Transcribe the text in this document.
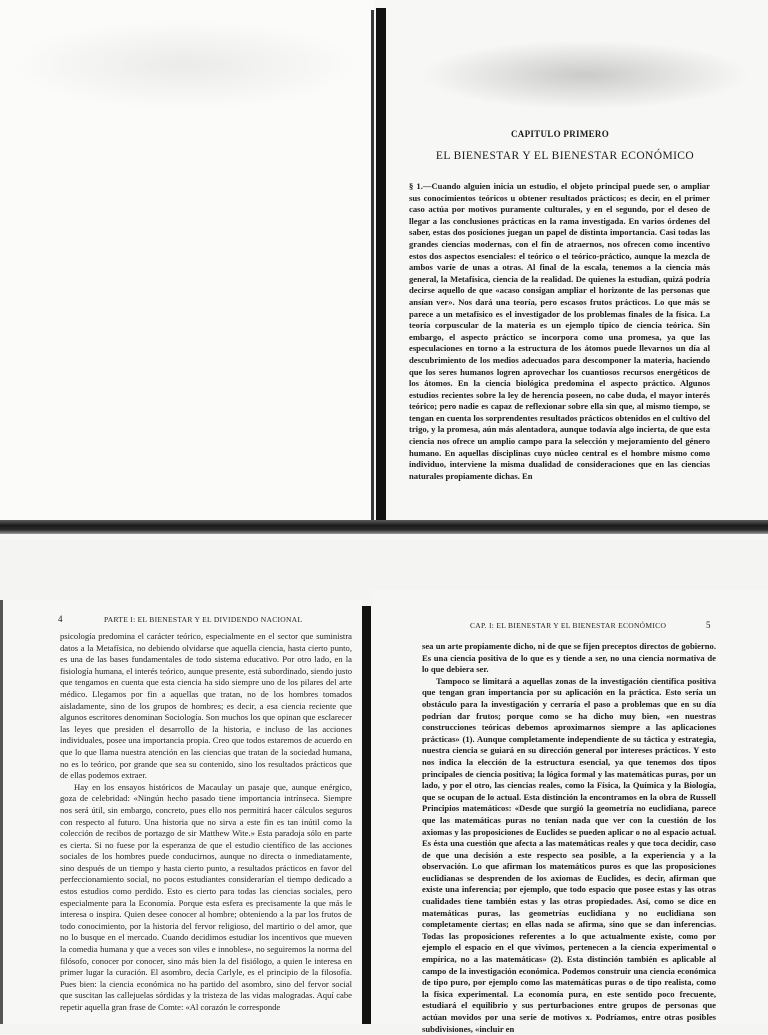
CAPITULO PRIMERO
EL BIENESTAR Y EL BIENESTAR ECONÓMICO

§ 1.—Cuando alguien inicia un estudio, el objeto principal puede ser, o ampliar sus conocimientos teóricos u obtener resultados prácticos; es decir, en el primer caso actúa por motivos puramente culturales, y en el segundo, por el deseo de llegar a las conclusiones prácticas en la rama investigada. En varios órdenes del saber, estas dos posiciones juegan un papel de distinta importancia. Casi todas las grandes ciencias modernas, con el fin de atraernos, nos ofrecen como incentivo estos dos aspectos esenciales: el teórico o el teórico-práctico, aunque la mezcla de ambos varíe de unas a otras. Al final de la escala, tenemos a la ciencia más general, la Metafísica, ciencia de la realidad. De quienes la estudian, quizá podría decirse aquello de que «acaso consigan ampliar el horizonte de las personas que ansían ver». Nos dará una teoría, pero escasos frutos prácticos. Lo que más se parece a un metafísico es el investigador de los problemas finales de la física. La teoría corpuscular de la materia es un ejemplo típico de ciencia teórica. Sin embargo, el aspecto práctico se incorpora como una promesa, ya que las especulaciones en torno a la estructura de los átomos puede llevarnos un día al descubrimiento de los medios adecuados para descomponer la materia, haciendo que los seres humanos logren aprovechar los cuantiosos recursos energéticos de los átomos. En la ciencia biológica predomina el aspecto práctico. Algunos estudios recientes sobre la ley de herencia poseen, no cabe duda, el mayor interés teórico; pero nadie es capaz de reflexionar sobre ella sin que, al mismo tiempo, se tengan en cuenta los sorprendentes resultados prácticos obtenidos en el cultivo del trigo, y la promesa, aún más alentadora, aunque todavía algo incierta, de que esta ciencia nos ofrece un amplio campo para la selección y mejoramiento del género humano. En aquellas disciplinas cuyo núcleo central es el hombre mismo como individuo, interviene la misma dualidad de consideraciones que en las ciencias naturales propiamente dichas. En

4	PARTE I: EL BIENESTAR Y EL DIVIDENDO NACIONAL
psicología predomina el carácter teórico, especialmente en el sector que suministra datos a la Metafísica, no debiendo olvidarse que aquella ciencia, hasta cierto punto, es una de las bases fundamentales de todo sistema educativo. Por otro lado, en la fisiología humana, el interés teórico, aunque presente, está subordinado, siendo justo que tengamos en cuenta que esta ciencia ha sido siempre uno de los pilares del arte médico. Llegamos por fin a aquellas que tratan, no de los hombres tomados aisladamente, sino de los grupos de hombres; es decir, a esa ciencia reciente que algunos escritores denominan Sociología. Son muchos los que opinan que esclarecer las leyes que presiden el desarrollo de la historia, e incluso de las acciones individuales, posee una importancia propia. Creo que todos estaremos de acuerdo en que lo que llama nuestra atención en las ciencias que tratan de la sociedad humana, no es lo teórico, por grande que sea su contenido, sino los resultados prácticos que de ellas podemos extraer.
Hay en los ensayos históricos de Macaulay un pasaje que, aunque enérgico, goza de celebridad: «Ningún hecho pasado tiene importancia intrínseca. Siempre nos será útil, sin embargo, concreto, pues ello nos permitirá hacer cálculos seguros con respecto al futuro. Una historia que no sirva a este fin es tan inútil como la colección de recibos de portazgo de sir Matthew Wite.» Esta paradoja sólo en parte es cierta. Si no fuese por la esperanza de que el estudio científico de las acciones sociales de los hombres puede conducirnos, aunque no directa o inmediatamente, sino después de un tiempo y hasta cierto punto, a resultados prácticos en favor del perfeccionamiento social, no pocos estudiantes considerarían el tiempo dedicado a estos estudios como perdido. Esto es cierto para todas las ciencias sociales, pero especialmente para la Economía. Porque esta esfera es precisamente la que más le interesa o inspira. Quien desee conocer al hombre; obteniendo a la par los frutos de todo conocimiento, por la historia del fervor religioso, del martirio o del amor, que no lo busque en el mercado. Cuando decidimos estudiar los incentivos que mueven la comedia humana y que a veces son viles e innobles», no seguiremos la norma del filósofo, conocer por conocer, sino más bien la del fisiólogo, a quien le interesa en primer lugar la curación. El asombro, decía Carlyle, es el principio de la filosofía. Pues bien: la ciencia económica no ha partido del asombro, sino del fervor social que suscitan las callejuelas sórdidas y la tristeza de las vidas malogradas. Aquí cabe repetir aquella gran frase de Comte: «Al corazón le corresponde
CAP. I: EL BIENESTAR Y EL BIENESTAR ECONÓMICO	5
sea un arte propiamente dicho, ni de que se fijen preceptos directos de gobierno. Es una ciencia positiva de lo que es y tiende a ser, no una ciencia normativa de lo que debiera ser.
Tampoco se limitará a aquellas zonas de la investigación científica positiva que tengan gran importancia por su aplicación en la práctica. Esto sería un obstáculo para la investigación y cerraría el paso a problemas que en su día podrían dar frutos; porque como se ha dicho muy bien, «en nuestras construcciones teóricas debemos aproximarnos siempre a las aplicaciones prácticas» (1). Aunque completamente independiente de su táctica y estrategia, nuestra ciencia se guiará en su dirección general por intereses prácticos. Y esto nos indica la elección de la estructura esencial, ya que tenemos dos tipos principales de ciencia positiva; la lógica formal y las matemáticas puras, por un lado, y por el otro, las ciencias reales, como la Física, la Química y la Biología, que se ocupan de lo actual. Esta distinción la encontramos en la obra de Russell Principios matemáticos: «Desde que surgió la geometría no euclidiana, parece que las matemáticas puras no tenían nada que ver con la cuestión de los axiomas y las proposiciones de Euclides se pueden aplicar o no al espacio actual. Es ésta una cuestión que afecta a las matemáticas reales y que toca decidir, caso de que una decisión a este respecto sea posible, a la experiencia y a la observación. Lo que afirman los matemáticos puros es que las proposiciones euclidianas se desprenden de los axiomas de Euclides, es decir, afirman que existe una inferencia; por ejemplo, que todo espacio que posee estas y las otras cualidades tiene también estas y las otras propiedades. Así, como se dice en matemáticas puras, las geometrías euclidiana y no euclidiana son completamente ciertas; en ellas nada se afirma, sino que se dan inferencias. Todas las proposiciones referentes a lo que actualmente existe, como por ejemplo el espacio en el que vivimos, pertenecen a la ciencia experimental o empírica, no a las matemáticas» (2). Esta distinción también es aplicable al campo de la investigación económica. Podemos construir una ciencia económica de tipo puro, por ejemplo como las matemáticas puras o de tipo realista, como la física experimental. La economía pura, en este sentido poco frecuente, estudiará el equilibrio y sus perturbaciones entre grupos de personas que actúan movidos por una serie de motivos x. Podríamos, entre otras posibles subdivisiones, «incluir en
